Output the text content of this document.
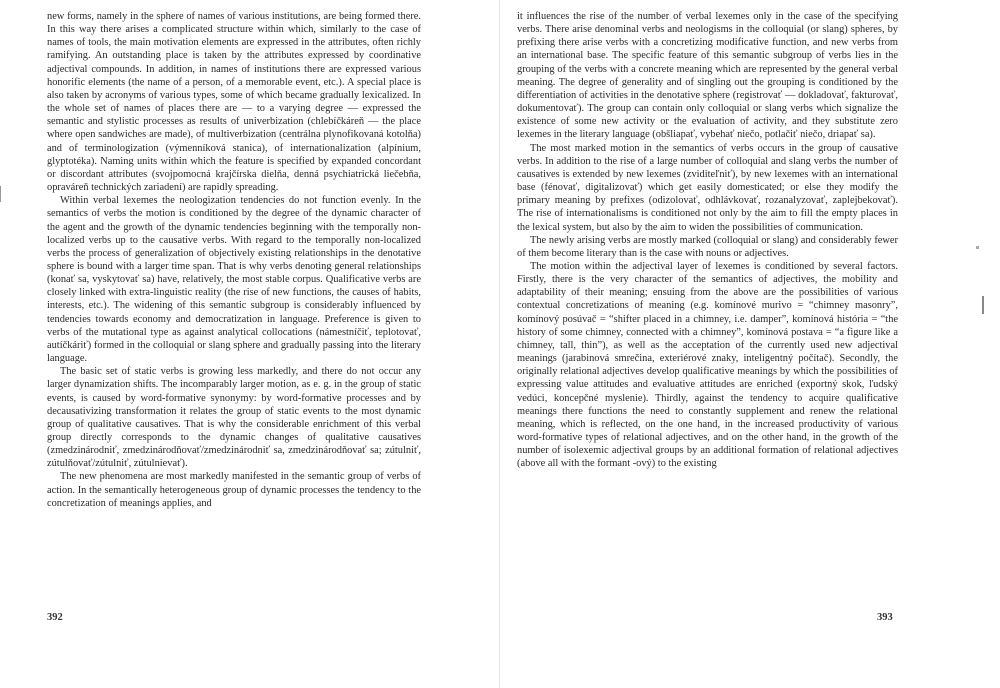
new forms, namely in the sphere of names of various institutions, are being formed there. In this way there arises a complicated structure within which, similarly to the case of names of tools, the main motivation elements are expressed in the attributes, often richly ramifying. An outstanding place is taken by the attributes expressed by coordinative adjectival compounds. In addition, in names of institutions there are expressed various honorific elements (the name of a person, of a memorable event, etc.). A special place is also taken by acronyms of various types, some of which became gradually lexicalized. In the whole set of names of places there are — to a varying degree — expressed the semantic and stylistic processes as results of univerbization (chlebíčkáreň — the place where open sandwiches are made), of multiverbization (centrálna plynofikovaná kotolňa) and of terminologization (výmenníková stanica), of internationalization (alpínium, glyptotéka). Naming units within which the feature is specified by expanded concordant or discordant attributes (svojpomocná krajčírska dielňa, denná psychiatrická liečebňa, opraváreň technických zariadení) are rapidly spreading.

Within verbal lexemes the neologization tendencies do not function evenly. In the semantics of verbs the motion is conditioned by the degree of the dynamic character of the agent and the growth of the dynamic tendencies beginning with the temporally non-localized verbs up to the causative verbs. With regard to the temporally non-localized verbs the process of generalization of objectively existing relationships in the denotative sphere is bound with a larger time span. That is why verbs denoting general relationships (konať sa, vyskytovať sa) have, relatively, the most stable corpus. Qualificative verbs are closely linked with extra-linguistic reality (the rise of new functions, the causes of habits, interests, etc.). The widening of this semantic subgroup is considerably influenced by tendencies towards economy and democratization in language. Preference is given to verbs of the mutational type as against analytical collocations (námestníčiť, teplotovať, autíčkáriť) formed in the colloquial or slang sphere and gradually passing into the literary language.

The basic set of static verbs is growing less markedly, and there do not occur any larger dynamization shifts. The incomparably larger motion, as e. g. in the group of static events, is caused by word-formative synonymy: by word-formative processes and by decausativizing transformation it relates the group of static events to the most dynamic group of qualitative causatives. That is why the considerable enrichment of this verbal group directly corresponds to the dynamic changes of qualitative causatives (zmedzinárodniť, zmedzinárodňovať/zmedzinárodniť sa, zmedzinárodňovať sa; zútulniť, zútulňovať/zútulniť, zútulnievať).

The new phenomena are most markedly manifested in the semantic group of verbs of action. In the semantically heterogeneous group of dynamic processes the tendency to the concretization of meanings applies, and

392

it influences the rise of the number of verbal lexemes only in the case of the specifying verbs. There arise denominal verbs and neologisms in the colloquial (or slang) spheres, by prefixing there arise verbs with a concretizing modificative function, and new verbs from an international base. The specific feature of this semantic subgroup of verbs lies in the grouping of the verbs with a concrete meaning which are represented by the general verbal meaning. The degree of generality and of singling out the grouping is conditioned by the differentiation of activities in the denotative sphere (registrovať — dokladovať, fakturovať, dokumentovať). The group can contain only colloquial or slang verbs which signalize the existence of some new activity or the evaluation of activity, and they substitute zero lexemes in the literary language (obšliapať, vybehať niečo, potlačiť niečo, driapať sa).

The most marked motion in the semantics of verbs occurs in the group of causative verbs. In addition to the rise of a large number of colloquial and slang verbs the number of causatives is extended by new lexemes (zviditeľniť), by new lexemes with an international base (fénovať, digitalizovať) which get easily domesticated; or else they modify the primary meaning by prefixes (odizolovať, odhlávkovať, rozanalyzovať, zaplejbekovať). The rise of internationalisms is conditioned not only by the aim to fill the empty places in the lexical system, but also by the aim to widen the possibilities of communication.

The newly arising verbs are mostly marked (colloquial or slang) and considerably fewer of them become literary than is the case with nouns or adjectives.

The motion within the adjectival layer of lexemes is conditioned by several factors. Firstly, there is the very character of the semantics of adjectives, the mobility and adaptability of their meaning; ensuing from the above are the possibilities of various contextual concretizations of meaning (e.g. komínové murivo = “chimney masonry”, komínový posúvač = “shifter placed in a chimney, i.e. damper”, komínová história = “the history of some chimney, connected with a chimney”, komínová postava = “a figure like a chimney, tall, thin”), as well as the acceptation of the currently used new adjectival meanings (jarabinová smrečina, exteriérové znaky, inteligentný počítač). Secondly, the originally relational adjectives develop qualificative meanings by which the possibilities of expressing value attitudes and evaluative attitudes are enriched (exportný skok, ľudský vedúci, koncepčné myslenie). Thirdly, against the tendency to acquire qualificative meanings there functions the need to constantly supplement and renew the relational meaning, which is reflected, on the one hand, in the increased productivity of various word-formative types of relational adjectives, and on the other hand, in the growth of the number of isolexemic adjectival groups by an additional formation of relational adjectives (above all with the formant -ový) to the existing

393
